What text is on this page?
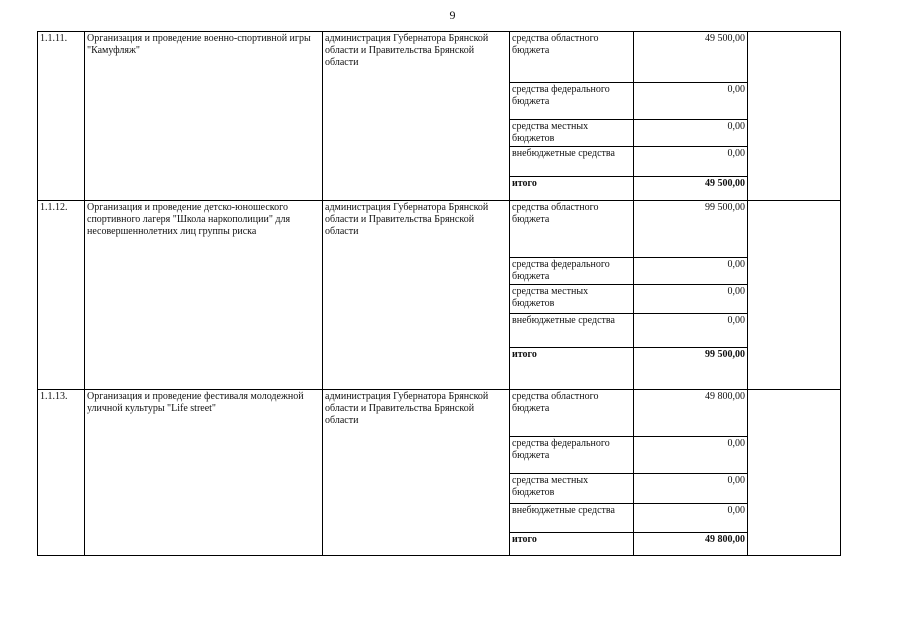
9
1.1.11.	Организация и проведение военно-спортивной игры "Камуфляж"	администрация Губернатора Брянской области и Правительства Брянской области	средства областного бюджета	49 500,00	
			средства федерального бюджета	0,00	
			средства местных бюджетов	0,00	
			внебюджетные средства	0,00	
			итого	49 500,00	
1.1.12.	Организация и проведение детско-юношеского спортивного лагеря "Школа наркополиции" для несовершеннолетних лиц группы риска	администрация Губернатора Брянской области и Правительства Брянской области	средства областного бюджета	99 500,00	
			средства федерального бюджета	0,00	
			средства местных бюджетов	0,00	
			внебюджетные средства	0,00	
			итого	99 500,00	
1.1.13.	Организация и проведение фестиваля молодежной уличной культуры "Life street"	администрация Губернатора Брянской области и Правительства Брянской области	средства областного бюджета	49 800,00	
			средства федерального бюджета	0,00	
			средства местных бюджетов	0,00	
			внебюджетные средства	0,00	
			итого	49 800,00	
